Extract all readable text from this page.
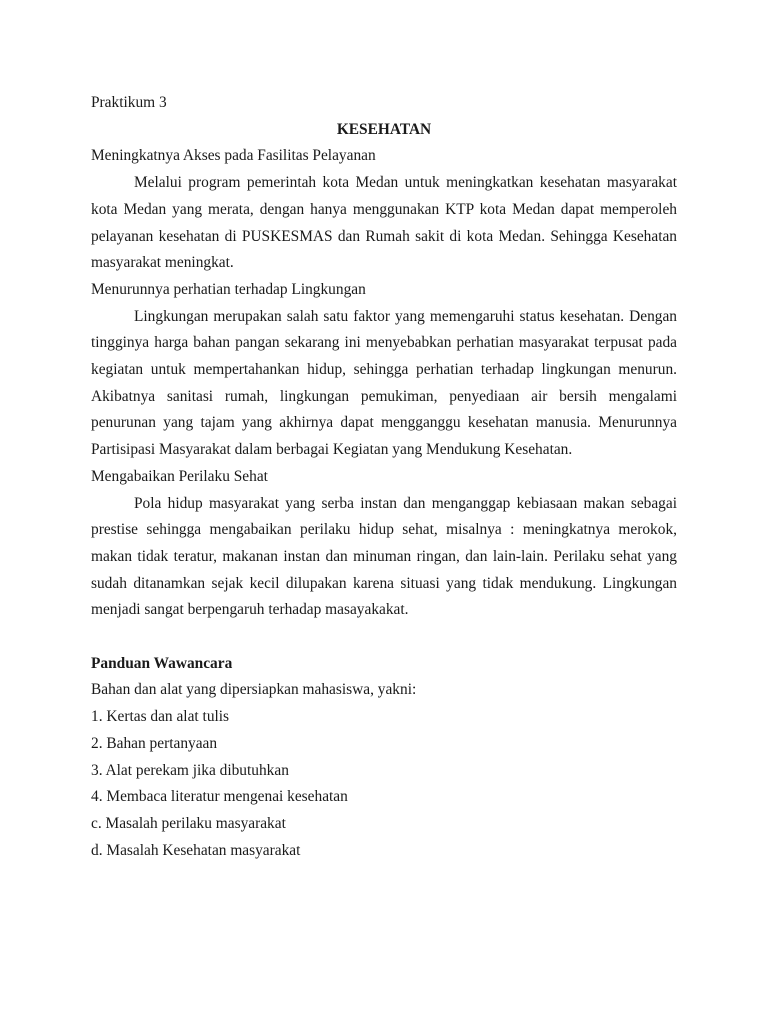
Praktikum 3

KESEHATAN

Meningkatnya Akses pada Fasilitas Pelayanan

Melalui program pemerintah kota Medan untuk meningkatkan kesehatan masyarakat kota Medan yang merata, dengan hanya menggunakan KTP kota Medan dapat memperoleh pelayanan kesehatan di PUSKESMAS dan Rumah sakit di kota Medan. Sehingga Kesehatan masyarakat meningkat.

Menurunnya perhatian terhadap Lingkungan

Lingkungan merupakan salah satu faktor yang memengaruhi status kesehatan. Dengan tingginya harga bahan pangan sekarang ini menyebabkan perhatian masyarakat terpusat pada kegiatan untuk mempertahankan hidup, sehingga perhatian terhadap lingkungan menurun. Akibatnya sanitasi rumah, lingkungan pemukiman, penyediaan air bersih mengalami penurunan yang tajam yang akhirnya dapat mengganggu kesehatan manusia. Menurunnya Partisipasi Masyarakat dalam berbagai Kegiatan yang Mendukung Kesehatan.

Mengabaikan Perilaku Sehat

Pola hidup masyarakat yang serba instan dan menganggap kebiasaan makan sebagai prestise sehingga mengabaikan perilaku hidup sehat, misalnya : meningkatnya merokok, makan tidak teratur, makanan instan dan minuman ringan, dan lain-lain. Perilaku sehat yang sudah ditanamkan sejak kecil dilupakan karena situasi yang tidak mendukung. Lingkungan menjadi sangat berpengaruh terhadap masayakakat.

Panduan Wawancara

Bahan dan alat yang dipersiapkan mahasiswa, yakni:

1. Kertas dan alat tulis

2. Bahan pertanyaan

3. Alat perekam jika dibutuhkan

4. Membaca literatur mengenai kesehatan

c. Masalah perilaku masyarakat

d. Masalah Kesehatan masyarakat
